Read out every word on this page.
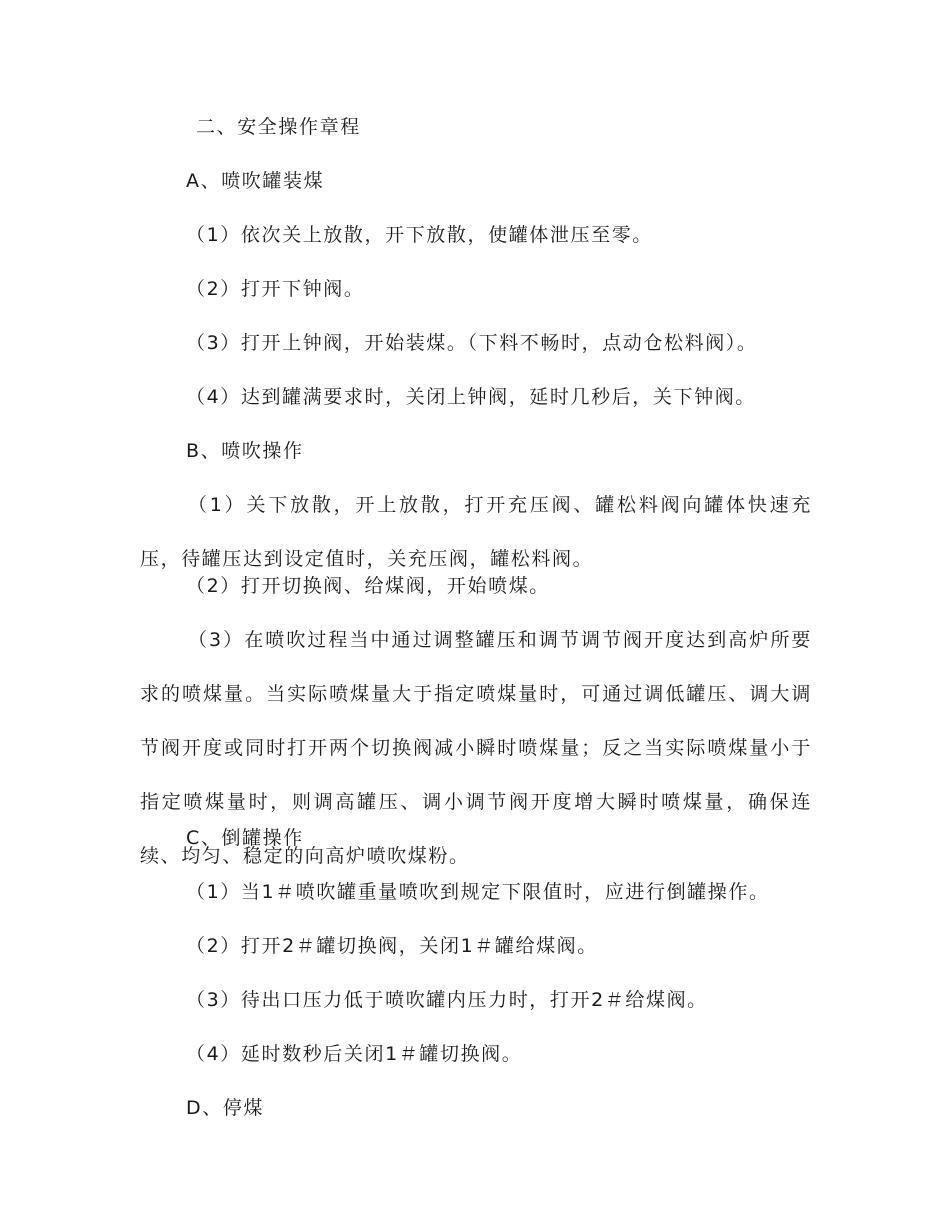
二、安全操作章程
A、喷吹罐装煤
（1）依次关上放散，开下放散，使罐体泄压至零。
（2）打开下钟阀。
（3）打开上钟阀，开始装煤。（下料不畅时，点动仓松料阀）。
（4）达到罐满要求时，关闭上钟阀，延时几秒后，关下钟阀。
B、喷吹操作
（1）关下放散，开上放散，打开充压阀、罐松料阀向罐体快速充压，待罐压达到设定值时，关充压阀，罐松料阀。
（2）打开切换阀、给煤阀，开始喷煤。
（3）在喷吹过程当中通过调整罐压和调节调节阀开度达到高炉所要求的喷煤量。当实际喷煤量大于指定喷煤量时，可通过调低罐压、调大调节阀开度或同时打开两个切换阀减小瞬时喷煤量；反之当实际喷煤量小于指定喷煤量时，则调高罐压、调小调节阀开度增大瞬时喷煤量，确保连续、均匀、稳定的向高炉喷吹煤粉。
C、倒罐操作
（1）当1＃喷吹罐重量喷吹到规定下限值时，应进行倒罐操作。
（2）打开2＃罐切换阀，关闭1＃罐给煤阀。
（3）待出口压力低于喷吹罐内压力时，打开2＃给煤阀。
（4）延时数秒后关闭1＃罐切换阀。
D、停煤
